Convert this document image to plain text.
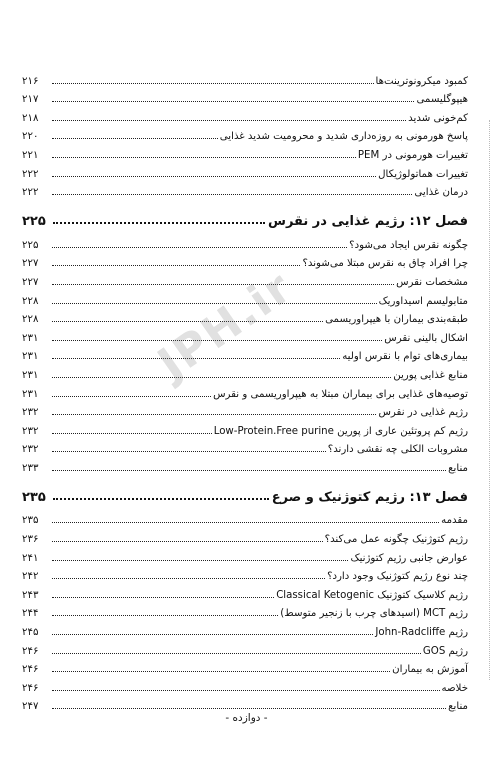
کمبود میکرونوترینت‌ها
۲۱۶
هیپوگلیسمی
۲۱۷
کم‌خونی شدید
۲۱۸
پاسخ هورمونی به روزه‌داری شدید و محرومیت شدید غذایی
۲۲۰
تغییرات هورمونی در PEM
۲۲۱
تغییرات هماتولوژیکال
۲۲۲
درمان غذایی
۲۲۲
فصل ۱۲: رژیم غذایی در نقرس
۲۲۵
چگونه نقرس ایجاد می‌شود؟
۲۲۵
چرا افراد چاق به نقرس مبتلا می‌شوند؟
۲۲۷
مشخصات نقرس
۲۲۷
متابولیسم اسیداوریک
۲۲۸
طبقه‌بندی بیماران با هیپراوریسمی
۲۲۸
اشکال بالینی نقرس
۲۳۱
بیماری‌های توام با نقرس اولیه
۲۳۱
منابع غذایی پورین
۲۳۱
توصیه‌های غذایی برای بیماران مبتلا به هیپراوریسمی و نقرس
۲۳۱
رژیم غذایی در نقرس
۲۳۲
رژیم کم پروتئین عاری از پورین Low-Protein.Free purine
۲۳۲
مشروبات الکلی چه نقشی دارند؟
۲۳۲
منابع
۲۳۳
فصل ۱۳: رژیم کتوژنیک و صرع
۲۳۵
مقدمه
۲۳۵
رژیم کتوژنیک چگونه عمل می‌کند؟
۲۳۶
عوارض جانبی رژیم کتوژنیک
۲۴۱
چند نوع رژیم کتوژنیک وجود دارد؟
۲۴۲
رژیم کلاسیک کتوژنیک Classical Ketogenic
۲۴۳
رژیم MCT (اسیدهای چرب با زنجیر متوسط)
۲۴۴
رژیم John-Radcliffe
۲۴۵
رژیم GOS
۲۴۶
آموزش به بیماران
۲۴۶
خلاصه
۲۴۶
منابع
۲۴۷
JPH.ir
- دوازده -
